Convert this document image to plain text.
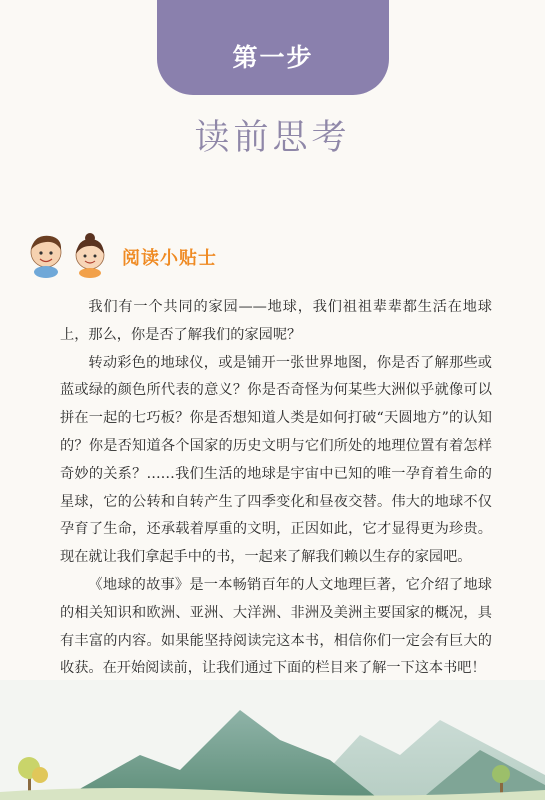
第一步
读前思考
阅读小贴士

我们有一个共同的家园——地球，我们祖祖辈辈都生活在地球上，那么，你是否了解我们的家园呢？

转动彩色的地球仪，或是铺开一张世界地图，你是否了解那些或蓝或绿的颜色所代表的意义？你是否奇怪为何某些大洲似乎就像可以拼在一起的七巧板？你是否想知道人类是如何打破“天圆地方”的认知的？你是否知道各个国家的历史文明与它们所处的地理位置有着怎样奇妙的关系？……我们生活的地球是宇宙中已知的唯一孕育着生命的星球，它的公转和自转产生了四季变化和昼夜交替。伟大的地球不仅孕育了生命，还承载着厚重的文明，正因如此，它才显得更为珍贵。现在就让我们拿起手中的书，一起来了解我们赖以生存的家园吧。

《地球的故事》是一本畅销百年的人文地理巨著，它介绍了地球的相关知识和欧洲、亚洲、大洋洲、非洲及美洲主要国家的概况，具有丰富的内容。如果能坚持阅读完这本书，相信你们一定会有巨大的收获。在开始阅读前，让我们通过下面的栏目来了解一下这本书吧！
